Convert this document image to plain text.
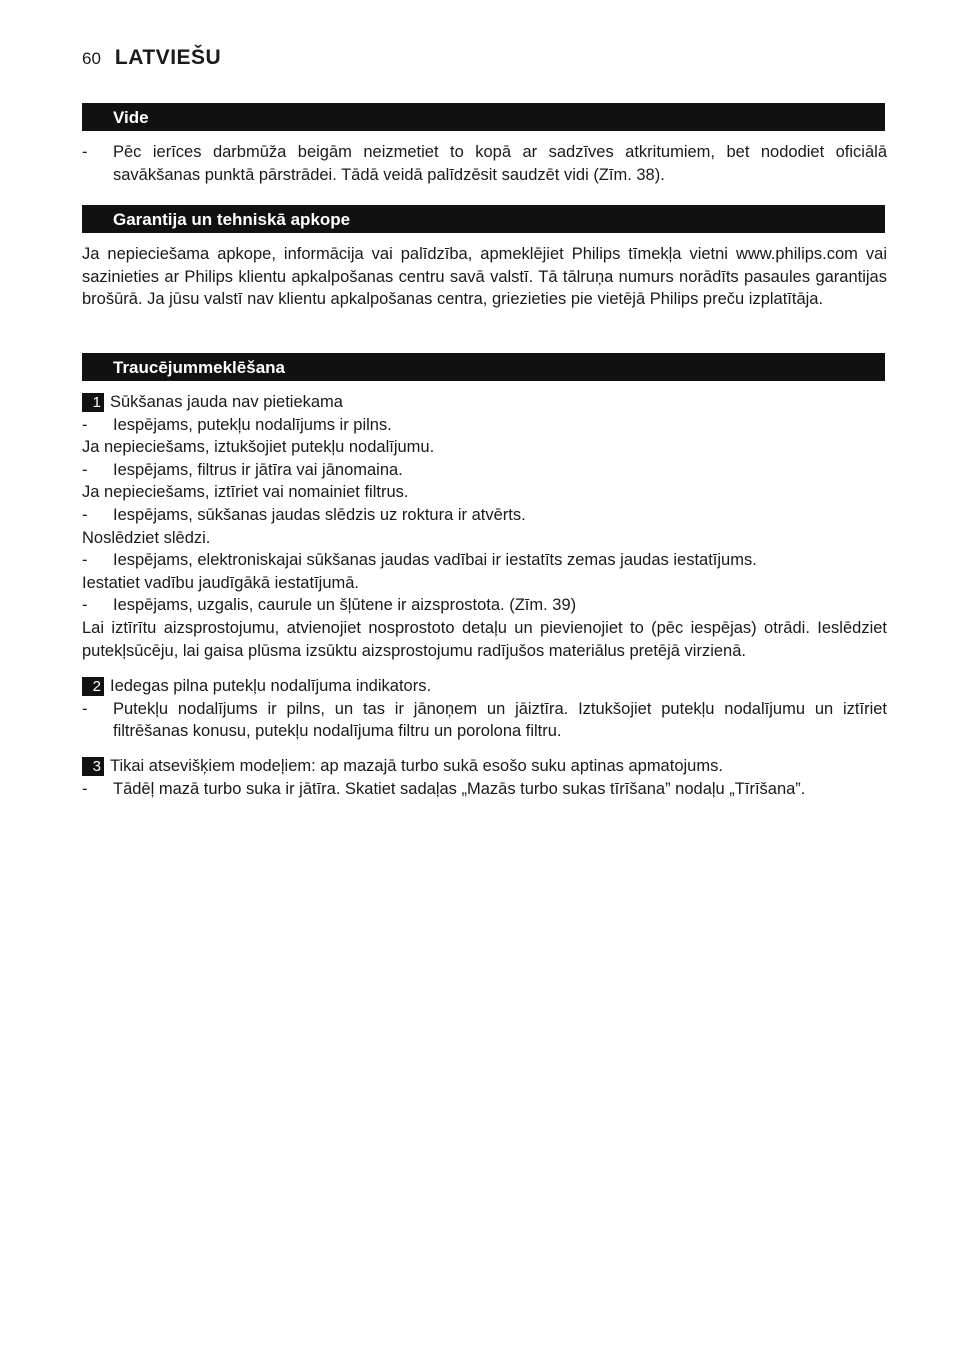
60 LATVIEŠU
Vide
-	Pēc ierīces darbmūža beigām neizmetiet to kopā ar sadzīves atkritumiem, bet nododiet oficiālā savākšanas punktā pārstrādei. Tādā veidā palīdzēsit saudzēt vidi (Zīm. 38).
Garantija un tehniskā apkope
Ja nepieciešama apkope, informācija vai palīdzība, apmeklējiet Philips tīmekļa vietni www.philips.com vai sazinieties ar Philips klientu apkalpošanas centru savā valstī. Tā tālruņa numurs norādīts pasaules garantijas brošūrā. Ja jūsu valstī nav klientu apkalpošanas centra, griezieties pie vietējā Philips preču izplatītāja.
Traucējummeklēšana
1 Sūkšanas jauda nav pietiekama
-	Iespējams, putekļu nodalījums ir pilns.
Ja nepieciešams, iztukšojiet putekļu nodalījumu.
-	Iespējams, filtrus ir jātīra vai jānomaina.
Ja nepieciešams, iztīriet vai nomainiet filtrus.
-	Iespējams, sūkšanas jaudas slēdzis uz roktura ir atvērts.
Noslēdziet slēdzi.
-	Iespējams, elektroniskajai sūkšanas jaudas vadībai ir iestatīts zemas jaudas iestatījums.
Iestatiet vadību jaudīgākā iestatījumā.
-	Iespējams, uzgalis, caurule un šļūtene ir aizsprostota. (Zīm. 39)
Lai iztīrītu aizsprostojumu, atvienojiet nosprostoto detaļu un pievienojiet to (pēc iespējas) otrādi. Ieslēdziet putekļsūcēju, lai gaisa plūsma izsūktu aizsprostojumu radījušos materiālus pretējā virzienā.
2 Iedegas pilna putekļu nodalījuma indikators.
-	Putekļu nodalījums ir pilns, un tas ir jānoņem un jāiztīra. Iztukšojiet putekļu nodalījumu un iztīriet filtrēšanas konusu, putekļu nodalījuma filtru un porolona filtru.
3 Tikai atsevišķiem modeļiem: ap mazajā turbo sukā esošo suku aptinas apmatojums.
-	Tādēļ mazā turbo suka ir jātīra. Skatiet sadaļas „Mazās turbo sukas tīrīšana” nodaļu „Tīrīšana”.
